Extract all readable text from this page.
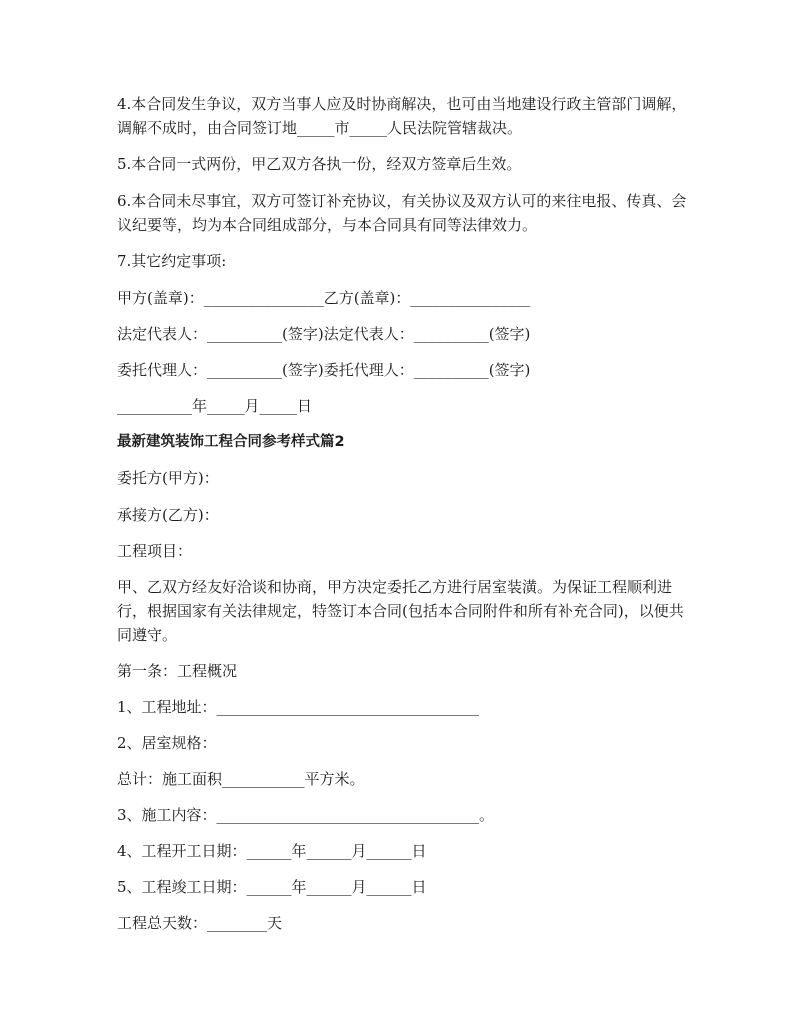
4.本合同发生争议，双方当事人应及时协商解决，也可由当地建设行政主管部门调解，调解不成时，由合同签订地_____市_____人民法院管辖裁决。

5.本合同一式两份，甲乙双方各执一份，经双方签章后生效。

6.本合同未尽事宜，双方可签订补充协议，有关协议及双方认可的来往电报、传真、会议纪要等，均为本合同组成部分，与本合同具有同等法律效力。

7.其它约定事项:

甲方(盖章)：________________乙方(盖章)：________________

法定代表人：__________(签字)法定代表人：__________(签字)

委托代理人：__________(签字)委托代理人：__________(签字)

__________年_____月_____日

最新建筑装饰工程合同参考样式篇2

委托方(甲方)：

承接方(乙方)：

工程项目：

甲、乙双方经友好洽谈和协商，甲方决定委托乙方进行居室装潢。为保证工程顺利进行，根据国家有关法律规定，特签订本合同(包括本合同附件和所有补充合同)，以便共同遵守。

第一条：工程概况

1、工程地址：___________________________________

2、居室规格：

总计：施工面积___________平方米。

3、施工内容：___________________________________。

4、工程开工日期：______年______月______日

5、工程竣工日期：______年______月______日

工程总天数：________天
